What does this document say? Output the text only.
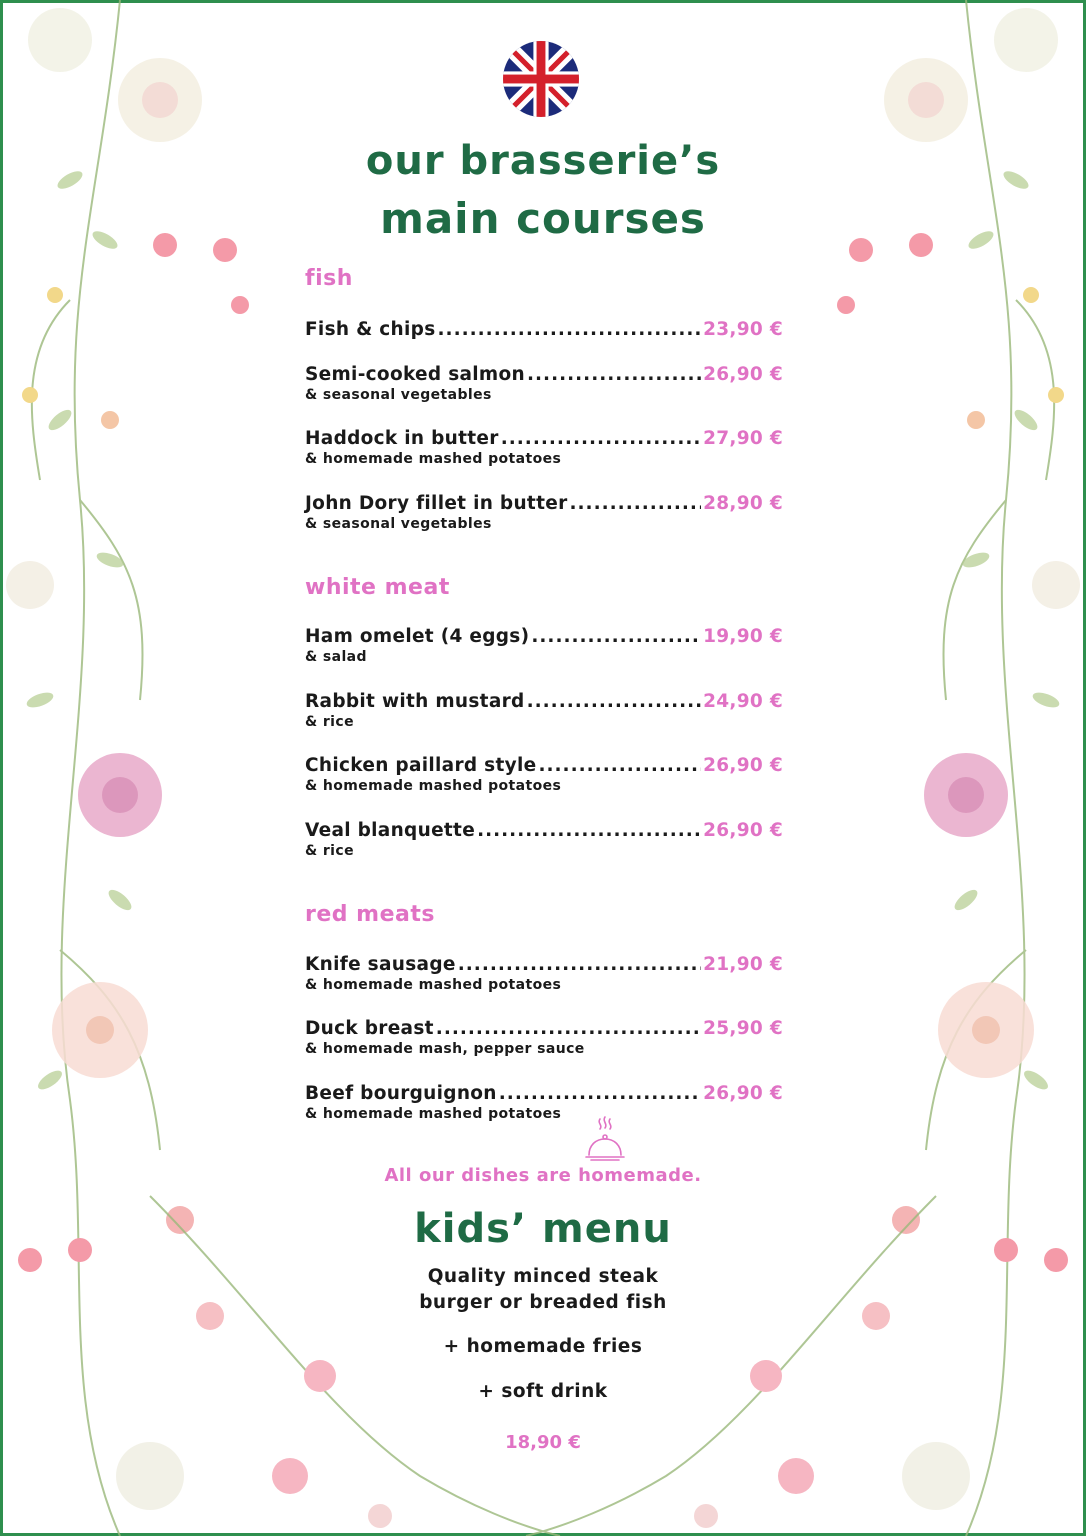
our brasserie’s
main courses
fish
Fish & chips .....	23,90 €
Semi-cooked salmon .....	26,90 €
& seasonal vegetables
Haddock in butter .....	27,90 €
& homemade mashed potatoes
John Dory fillet in butter .....	28,90 €
& seasonal vegetables
white meat
Ham omelet (4 eggs) .....	19,90 €
& salad
Rabbit with mustard .....	24,90 €
& rice
Chicken paillard style .....	26,90 €
& homemade mashed potatoes
Veal blanquette .....	26,90 €
& rice
red meats
Knife sausage .....	21,90 €
& homemade mashed potatoes
Duck breast .....	25,90 €
& homemade mash, pepper sauce
Beef bourguignon .....	26,90 €
& homemade mashed potatoes
All our dishes are homemade.
kids’ menu
Quality minced steak
burger or breaded fish
+ homemade fries
+ soft drink
18,90 €
